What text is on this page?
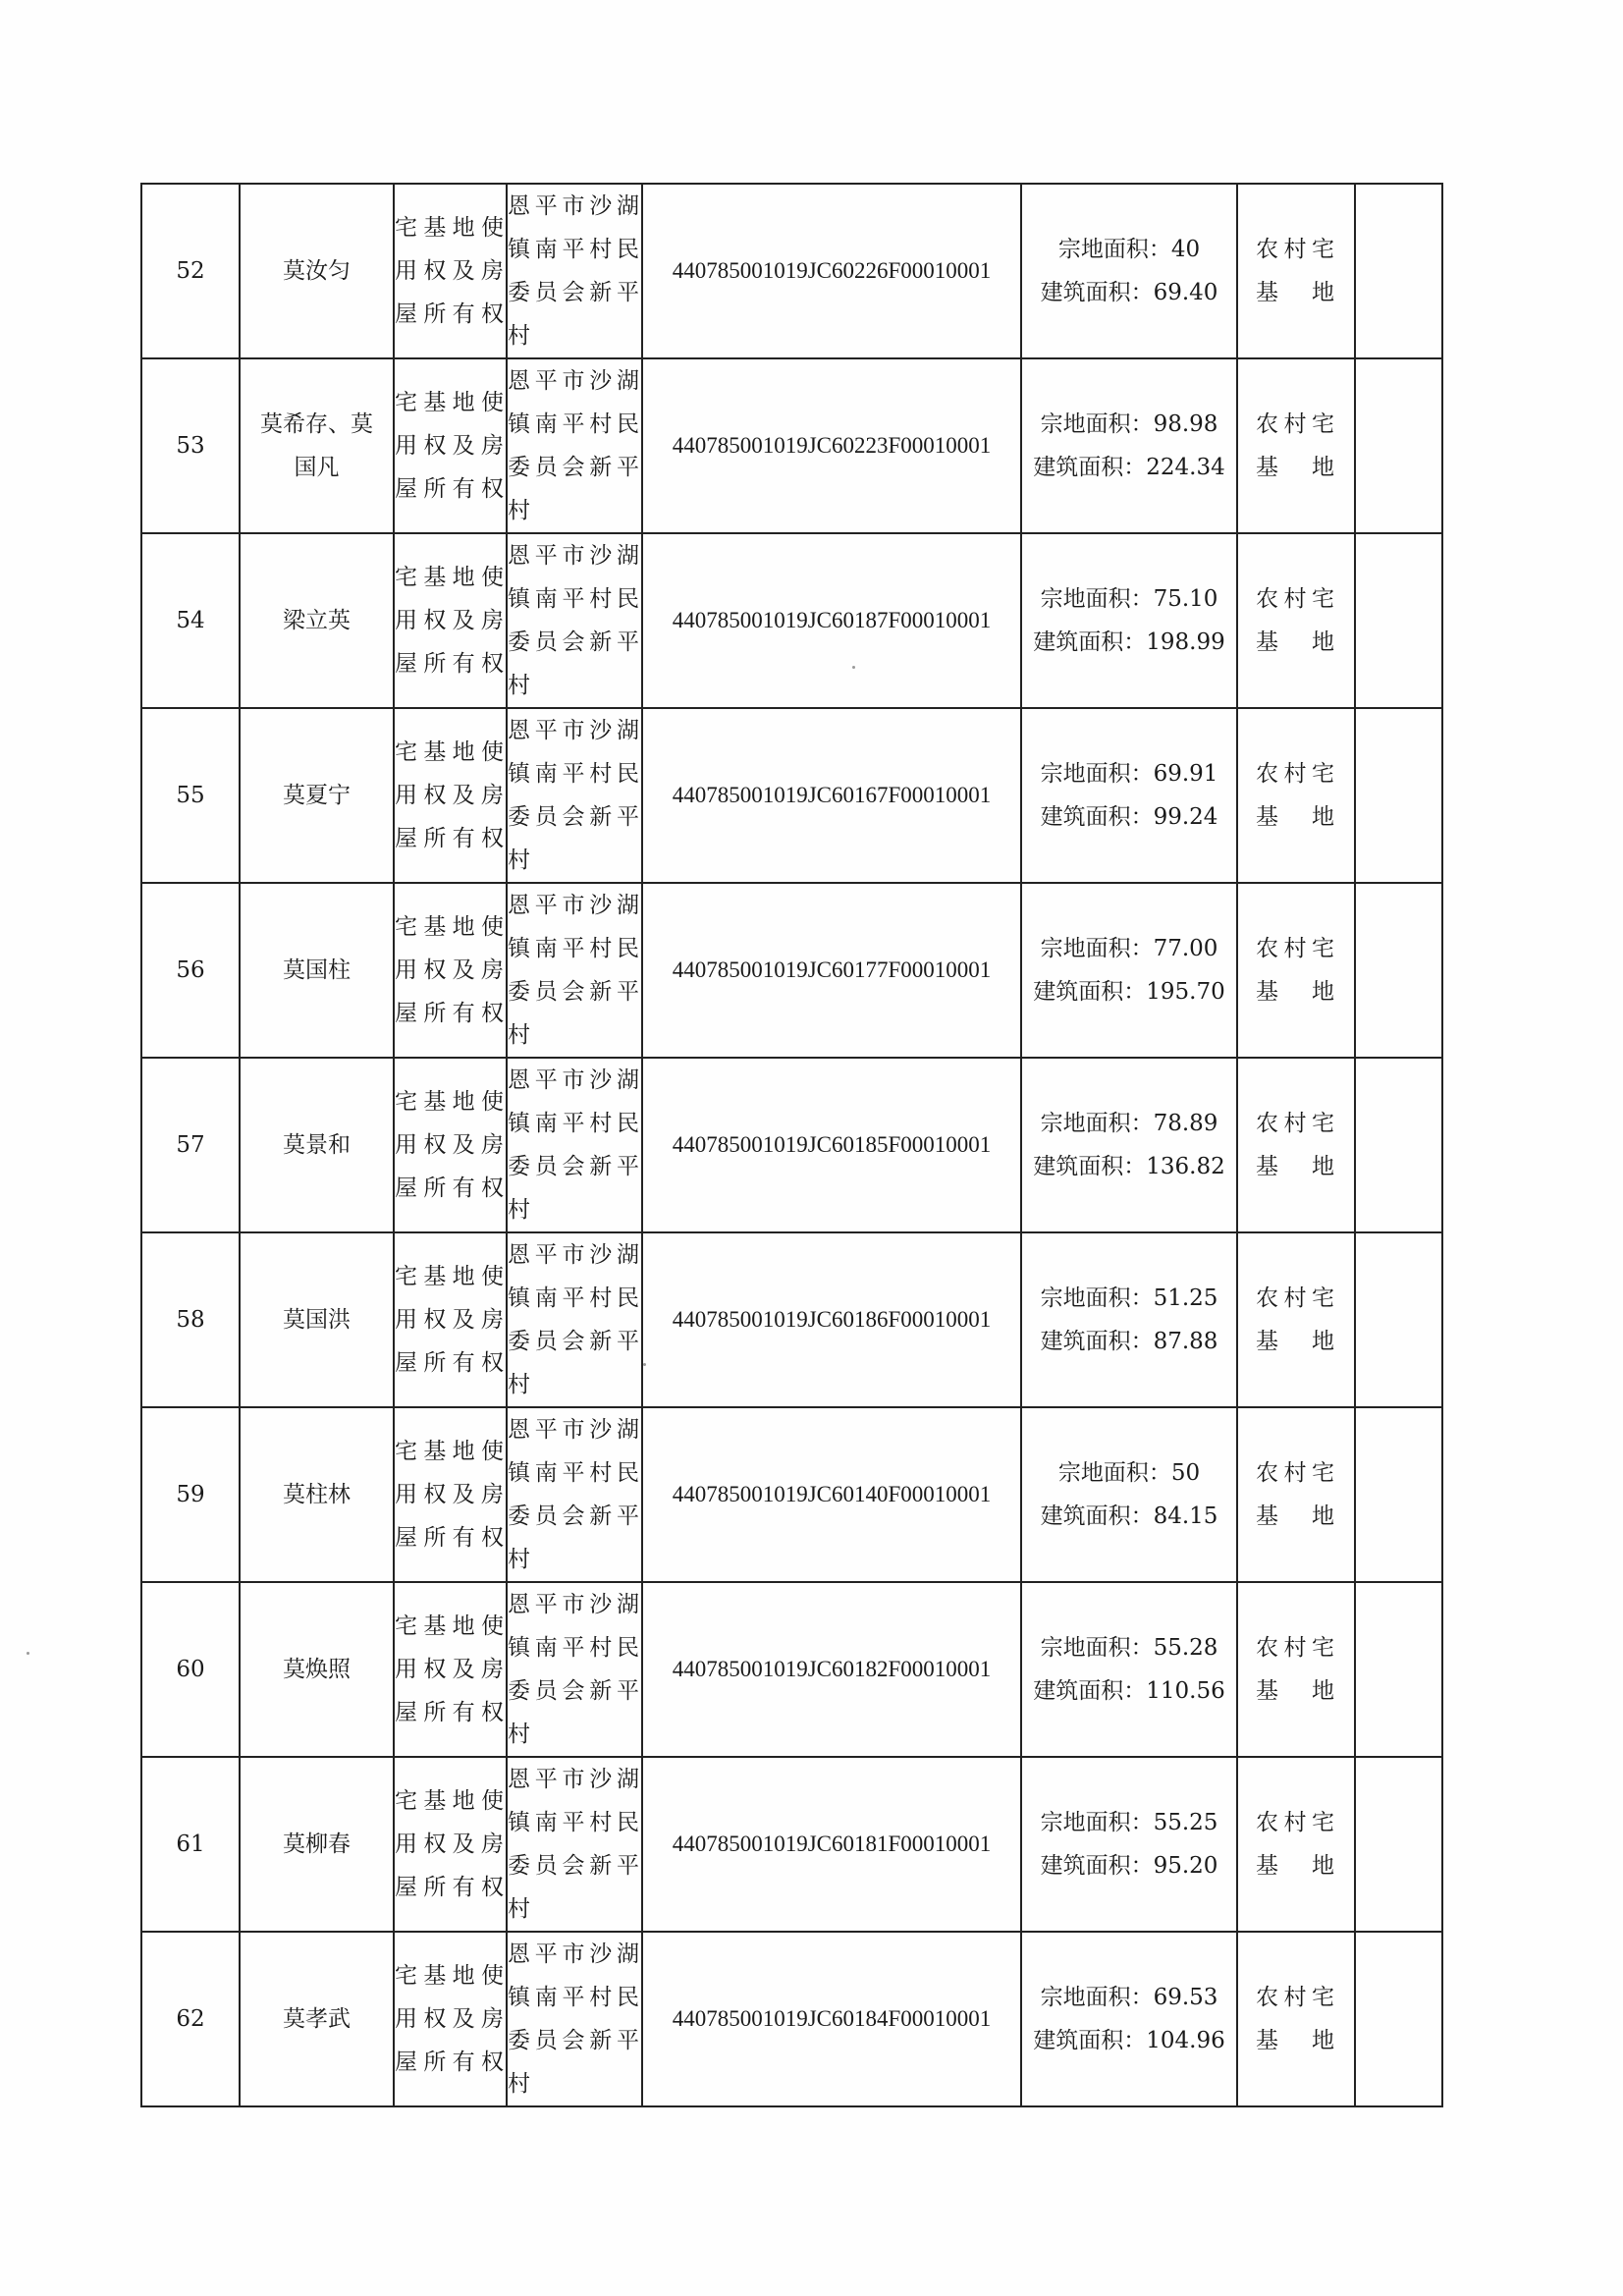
52	莫汝匀	宅基地使用权及房屋所有权	恩平市沙湖镇南平村民委员会新平村	440785001019JC60226F00010001	宗地面积：40
建筑面积：69.40	农村宅基地	

53	莫希存、莫国凡	宅基地使用权及房屋所有权	恩平市沙湖镇南平村民委员会新平村	440785001019JC60223F00010001	宗地面积：98.98
建筑面积：224.34	农村宅基地	

54	梁立英	宅基地使用权及房屋所有权	恩平市沙湖镇南平村民委员会新平村	440785001019JC60187F00010001	宗地面积：75.10
建筑面积：198.99	农村宅基地	

55	莫夏宁	宅基地使用权及房屋所有权	恩平市沙湖镇南平村民委员会新平村	440785001019JC60167F00010001	宗地面积：69.91
建筑面积：99.24	农村宅基地	

56	莫国柱	宅基地使用权及房屋所有权	恩平市沙湖镇南平村民委员会新平村	440785001019JC60177F00010001	宗地面积：77.00
建筑面积：195.70	农村宅基地	

57	莫景和	宅基地使用权及房屋所有权	恩平市沙湖镇南平村民委员会新平村	440785001019JC60185F00010001	宗地面积：78.89
建筑面积：136.82	农村宅基地	

58	莫国洪	宅基地使用权及房屋所有权	恩平市沙湖镇南平村民委员会新平村	440785001019JC60186F00010001	宗地面积：51.25
建筑面积：87.88	农村宅基地	

59	莫柱林	宅基地使用权及房屋所有权	恩平市沙湖镇南平村民委员会新平村	440785001019JC60140F00010001	宗地面积：50
建筑面积：84.15	农村宅基地	

60	莫焕照	宅基地使用权及房屋所有权	恩平市沙湖镇南平村民委员会新平村	440785001019JC60182F00010001	宗地面积：55.28
建筑面积：110.56	农村宅基地	

61	莫柳春	宅基地使用权及房屋所有权	恩平市沙湖镇南平村民委员会新平村	440785001019JC60181F00010001	宗地面积：55.25
建筑面积：95.20	农村宅基地	

62	莫孝武	宅基地使用权及房屋所有权	恩平市沙湖镇南平村民委员会新平村	440785001019JC60184F00010001	宗地面积：69.53
建筑面积：104.96	农村宅基地	
